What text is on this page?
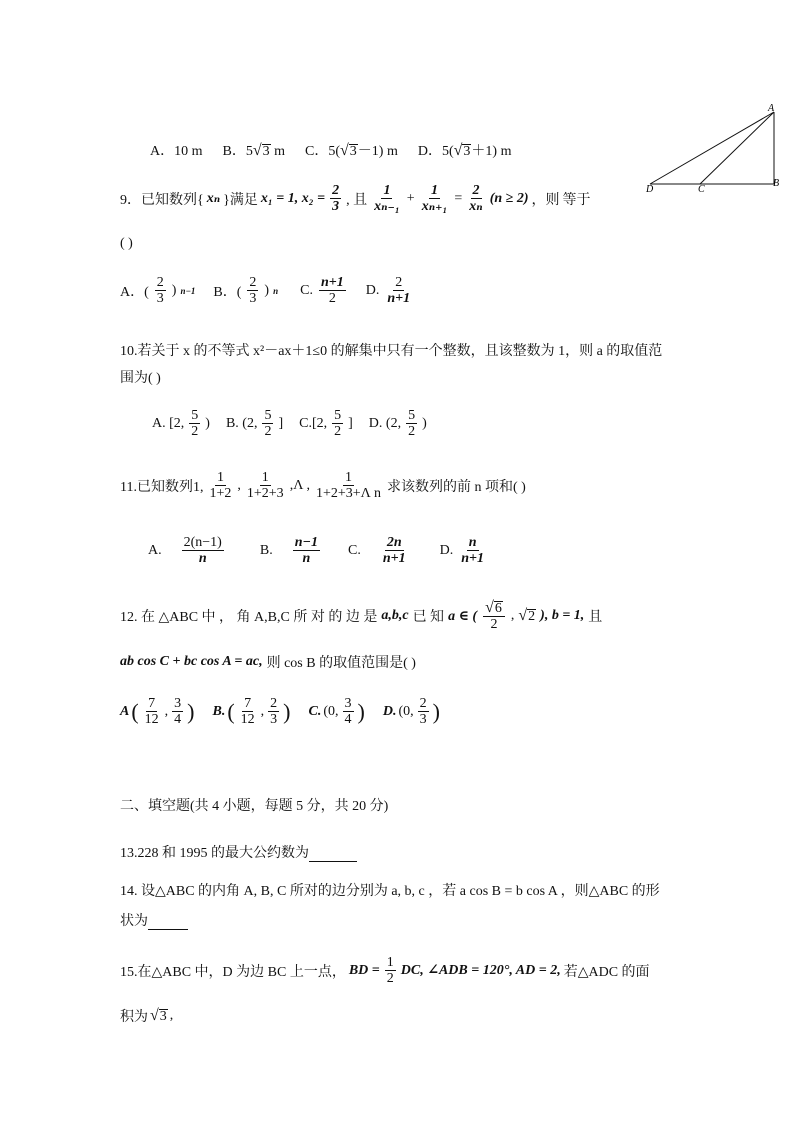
A
B
C
D
A．10 m B．5 √ 3 m C．5( √ 3 －1) m D．5( √ 3 ＋1) m
9．已知数列{ xₙ }满足 x₁ = 1, $x_2 = \frac{2}{3}$ , 且 $\frac{1}{\text{xₙ₋₁}} + \frac{1}{\text{xₙ₊₁}} = \frac{2}{\text{xₙ}} (n \ge 2)$ ，则 等于
( )
A．( $\frac{2}{3}$ ) n−1 B．( $\frac{2}{3}$ ) n C. $\frac{n+1}{2} D$. $\frac{2}{n+1}$
10.若关于 x 的不等式 x²－ax＋1≤0 的解集中只有一个整数，且该整数为 1，则 a 的取值范
围为( )
A. [2, $\frac{5}{2}$ ) B. (2, $\frac{5}{2}$ ] C.[2, $\frac{5}{2}$ ] D. (2, $\frac{5}{2}$ )
11.已知数列1, $\frac{1}{1+2}$ , $\frac{1}{1+2+3} ,\Lambda$ , $\frac{1}{\text{1+2+3+Λ n}}$ 求该数列的前 n 项和( )
A. $\frac{2(n-1)}{n}$	B. $\frac{n-1}{n} C$. $\frac{2n}{n+1} D$. $\frac{n}{n+1}$
12. 在 △ABC 中 ， 角 A,B,C 所 对 的 边 是 a,b,c 已 知 a ∈ ( $\frac{√ 6}{2}$ , √ 2 ), b = 1, 且
ab cos C + bc cos A = ac, 则 cos B 的取值范围是( )
A ( $\frac{7}{12}$ , $\frac{3}{4}$ ) B. ( $\frac{7}{12}$ , $\frac{2}{3}$ ) C. (0, $\frac{3}{4}$ ) D. (0, $\frac{2}{3}$ )
二、填空题(共 4 小题，每题 5 分，共 20 分)
13.228 和 1995 的最大公约数为
14. 设△ABC 的内角 A, B, C 所对的边分别为 a, b, c ，若 a cos B = b cos A ，则△ABC 的形
状为
15.在△ABC 中，D 为边 BC 上一点， BD = $\frac{1}{2}$ DC, ∠ADB = 120°, AD = 2, 若△ADC 的面
积为 √ 3 ,
